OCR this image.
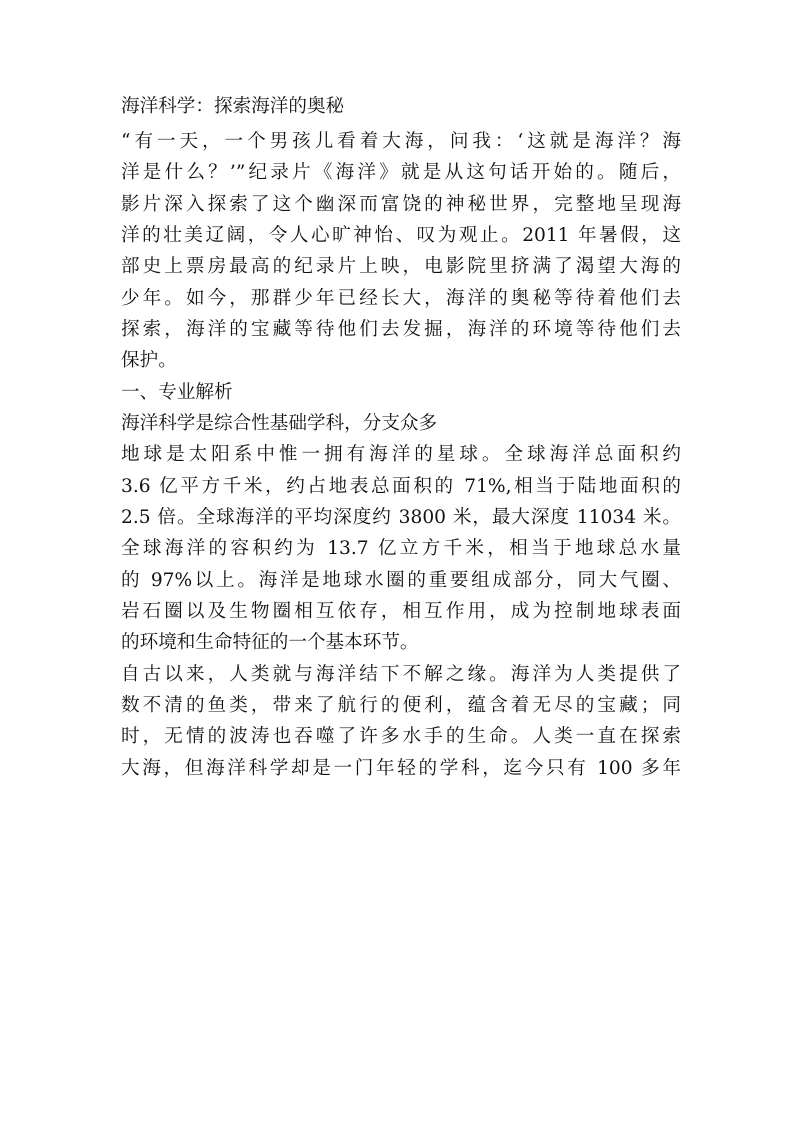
海洋科学：探索海洋的奥秘
“有一天，一个男孩儿看着大海，问我：‘这就是海洋？海
洋是什么？’”纪录片《海洋》就是从这句话开始的。随后，
影片深入探索了这个幽深而富饶的神秘世界，完整地呈现海
洋的壮美辽阔，令人心旷神怡、叹为观止。2011 年暑假，这
部史上票房最高的纪录片上映，电影院里挤满了渴望大海的
少年。如今，那群少年已经长大，海洋的奥秘等待着他们去
探索，海洋的宝藏等待他们去发掘，海洋的环境等待他们去
保护。
一、专业解析
海洋科学是综合性基础学科，分支众多
地球是太阳系中惟一拥有海洋的星球。全球海洋总面积约
3.6 亿平方千米，约占地表总面积的 71%,相当于陆地面积的
2.5 倍。全球海洋的平均深度约 3800 米，最大深度 11034 米。
全球海洋的容积约为 13.7 亿立方千米，相当于地球总水量
的 97%以上。海洋是地球水圈的重要组成部分，同大气圈、
岩石圈以及生物圈相互依存，相互作用，成为控制地球表面
的环境和生命特征的一个基本环节。
自古以来，人类就与海洋结下不解之缘。海洋为人类提供了
数不清的鱼类，带来了航行的便利，蕴含着无尽的宝藏；同
时，无情的波涛也吞噬了许多水手的生命。人类一直在探索
大海，但海洋科学却是一门年轻的学科，迄今只有 100 多年
